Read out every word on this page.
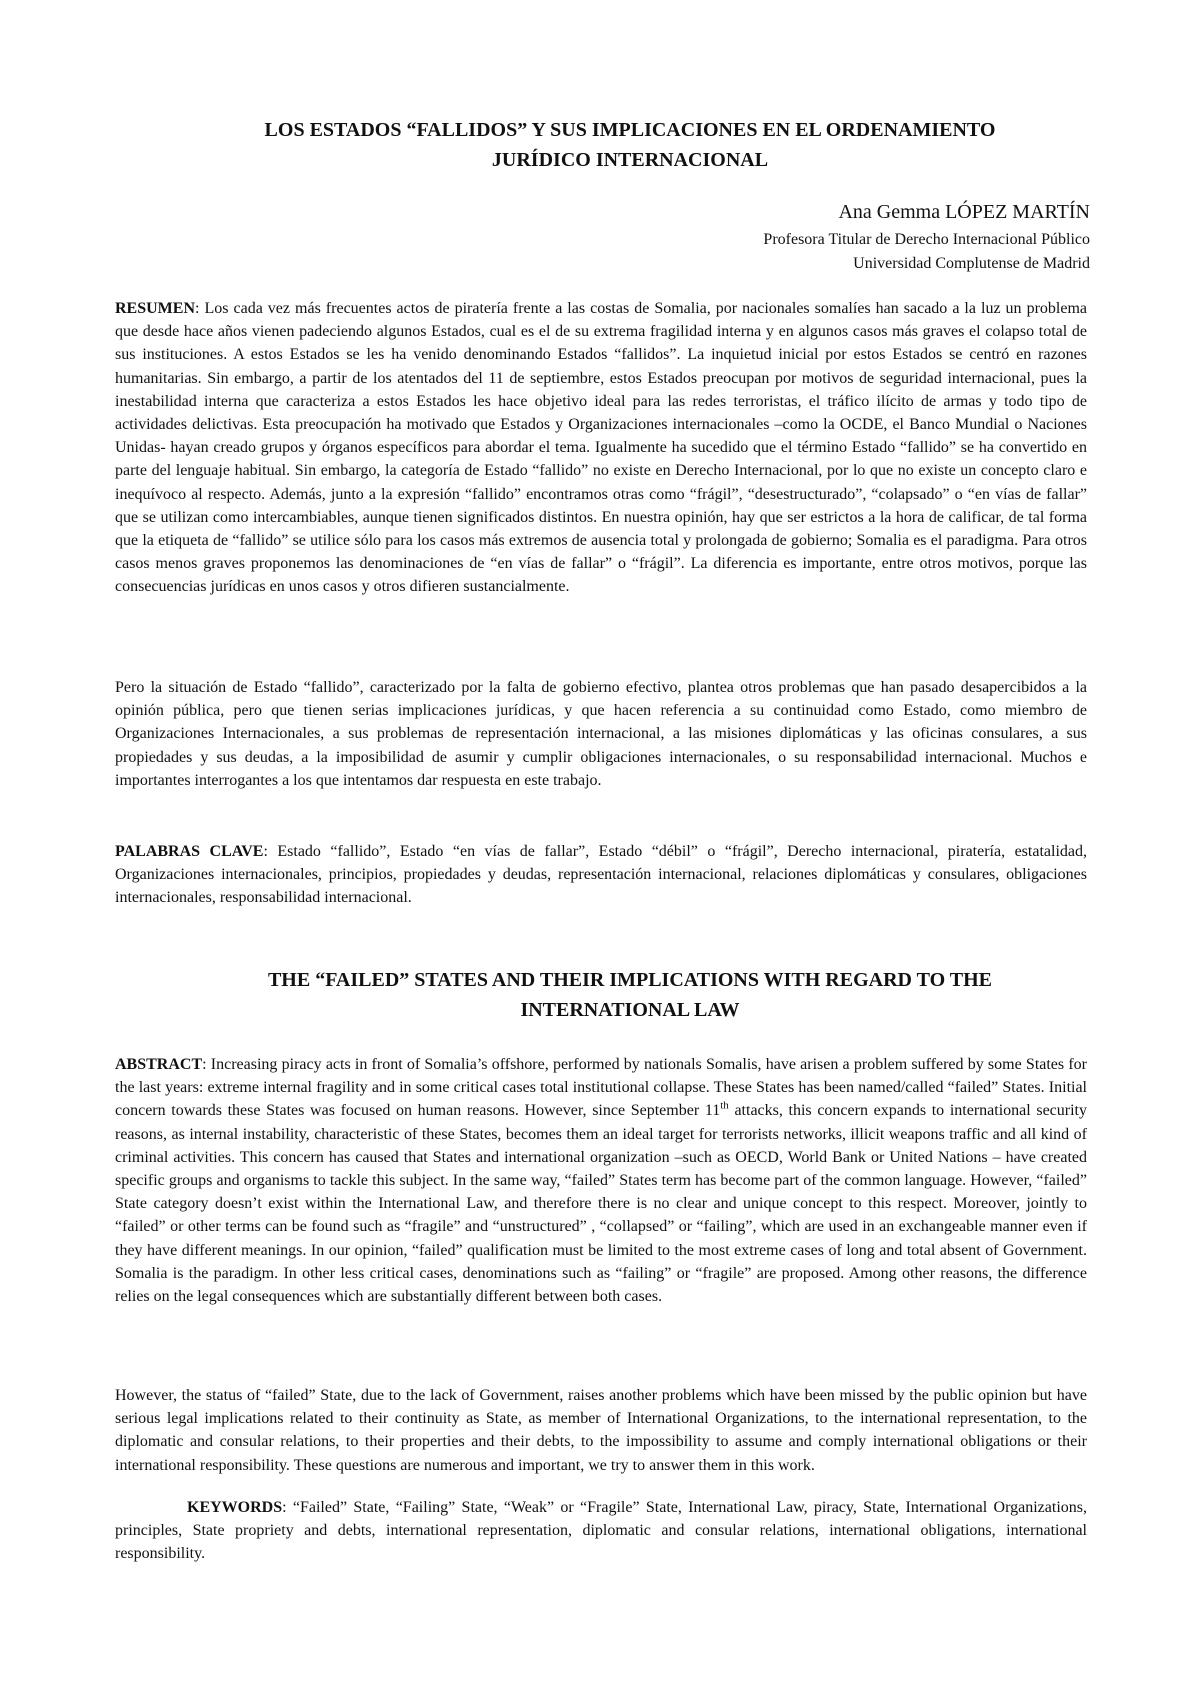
LOS ESTADOS “FALLIDOS” Y SUS IMPLICACIONES EN EL ORDENAMIENTO
JURÍDICO INTERNACIONAL
Ana Gemma LÓPEZ MARTÍN
Profesora Titular de Derecho Internacional Público
Universidad Complutense de Madrid

RESUMEN: Los cada vez más frecuentes actos de piratería frente a las costas de Somalia, por nacionales somalíes han sacado a la luz un problema que desde hace años vienen padeciendo algunos Estados, cual es el de su extrema fragilidad interna y en algunos casos más graves el colapso total de sus instituciones. A estos Estados se les ha venido denominando Estados “fallidos”. La inquietud inicial por estos Estados se centró en razones humanitarias. Sin embargo, a partir de los atentados del 11 de septiembre, estos Estados preocupan por motivos de seguridad internacional, pues la inestabilidad interna que caracteriza a estos Estados les hace objetivo ideal para las redes terroristas, el tráfico ilícito de armas y todo tipo de actividades delictivas. Esta preocupación ha motivado que Estados y Organizaciones internacionales –como la OCDE, el Banco Mundial o Naciones Unidas- hayan creado grupos y órganos específicos para abordar el tema. Igualmente ha sucedido que el término Estado “fallido” se ha convertido en parte del lenguaje habitual. Sin embargo, la categoría de Estado “fallido” no existe en Derecho Internacional, por lo que no existe un concepto claro e inequívoco al respecto. Además, junto a la expresión “fallido” encontramos otras como “frágil”, “desestructurado”, “colapsado” o “en vías de fallar” que se utilizan como intercambiables, aunque tienen significados distintos. En nuestra opinión, hay que ser estrictos a la hora de calificar, de tal forma que la etiqueta de “fallido” se utilice sólo para los casos más extremos de ausencia total y prolongada de gobierno; Somalia es el paradigma. Para otros casos menos graves proponemos las denominaciones de “en vías de fallar” o “frágil”. La diferencia es importante, entre otros motivos, porque las consecuencias jurídicas en unos casos y otros difieren sustancialmente.

Pero la situación de Estado “fallido”, caracterizado por la falta de gobierno efectivo, plantea otros problemas que han pasado desapercibidos a la opinión pública, pero que tienen serias implicaciones jurídicas, y que hacen referencia a su continuidad como Estado, como miembro de Organizaciones Internacionales, a sus problemas de representación internacional, a las misiones diplomáticas y las oficinas consulares, a sus propiedades y sus deudas, a la imposibilidad de asumir y cumplir obligaciones internacionales, o su responsabilidad internacional. Muchos e importantes interrogantes a los que intentamos dar respuesta en este trabajo.

PALABRAS CLAVE: Estado “fallido”, Estado “en vías de fallar”, Estado “débil” o “frágil”, Derecho internacional, piratería, estatalidad, Organizaciones internacionales, principios, propiedades y deudas, representación internacional, relaciones diplomáticas y consulares, obligaciones internacionales, responsabilidad internacional.

THE “FAILED” STATES AND THEIR IMPLICATIONS WITH REGARD TO THE
INTERNATIONAL LAW

ABSTRACT: Increasing piracy acts in front of Somalia’s offshore, performed by nationals Somalis, have arisen a problem suffered by some States for the last years: extreme internal fragility and in some critical cases total institutional collapse. These States has been named/called “failed” States. Initial concern towards these States was focused on human reasons. However, since September 11th attacks, this concern expands to international security reasons, as internal instability, characteristic of these States, becomes them an ideal target for terrorists networks, illicit weapons traffic and all kind of criminal activities. This concern has caused that States and international organization –such as OECD, World Bank or United Nations – have created specific groups and organisms to tackle this subject. In the same way, “failed” States term has become part of the common language. However, “failed” State category doesn’t exist within the International Law, and therefore there is no clear and unique concept to this respect. Moreover, jointly to “failed” or other terms can be found such as “fragile” and “unstructured” , “collapsed” or “failing”, which are used in an exchangeable manner even if they have different meanings. In our opinion, “failed” qualification must be limited to the most extreme cases of long and total absent of Government. Somalia is the paradigm. In other less critical cases, denominations such as “failing” or “fragile” are proposed. Among other reasons, the difference relies on the legal consequences which are substantially different between both cases.

However, the status of “failed” State, due to the lack of Government, raises another problems which have been missed by the public opinion but have serious legal implications related to their continuity as State, as member of International Organizations, to the international representation, to the diplomatic and consular relations, to their properties and their debts, to the impossibility to assume and comply international obligations or their international responsibility. These questions are numerous and important, we try to answer them in this work.

KEYWORDS: “Failed” State, “Failing” State, “Weak” or “Fragile” State, International Law, piracy, State, International Organizations, principles, State propriety and debts, international representation, diplomatic and consular relations, international obligations, international responsibility.
